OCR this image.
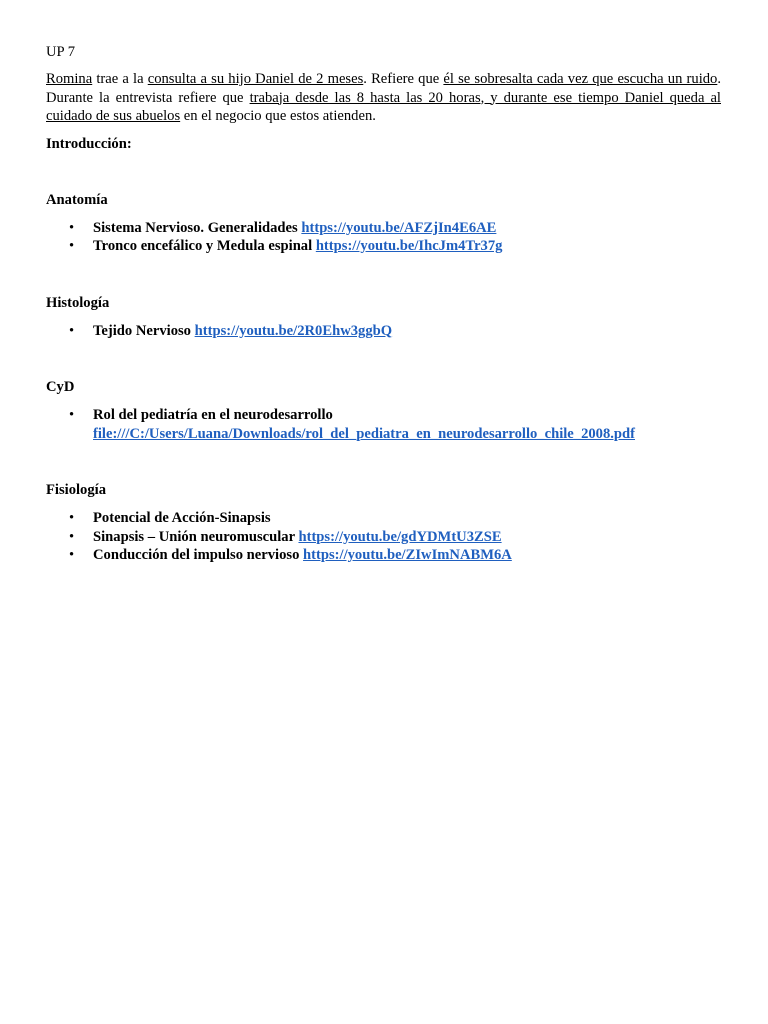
UP 7

Romina trae a la consulta a su hijo Daniel de 2 meses. Refiere que él se sobresalta cada vez que escucha un ruido. Durante la entrevista refiere que trabaja desde las 8 hasta las 20 horas, y durante ese tiempo Daniel queda al cuidado de sus abuelos en el negocio que estos atienden.

Introducción:

Anatomía

• Sistema Nervioso. Generalidades https://youtu.be/AFZjIn4E6AE
• Tronco encefálico y Medula espinal https://youtu.be/IhcJm4Tr37g

Histología

• Tejido Nervioso https://youtu.be/2R0Ehw3ggbQ

CyD

• Rol del pediatría en el neurodesarrollo
file:///C:/Users/Luana/Downloads/rol_del_pediatra_en_neurodesarrollo_chile_2008.pdf

Fisiología

• Potencial de Acción-Sinapsis
• Sinapsis – Unión neuromuscular https://youtu.be/gdYDMtU3ZSE
• Conducción del impulso nervioso https://youtu.be/ZIwImNABM6A
